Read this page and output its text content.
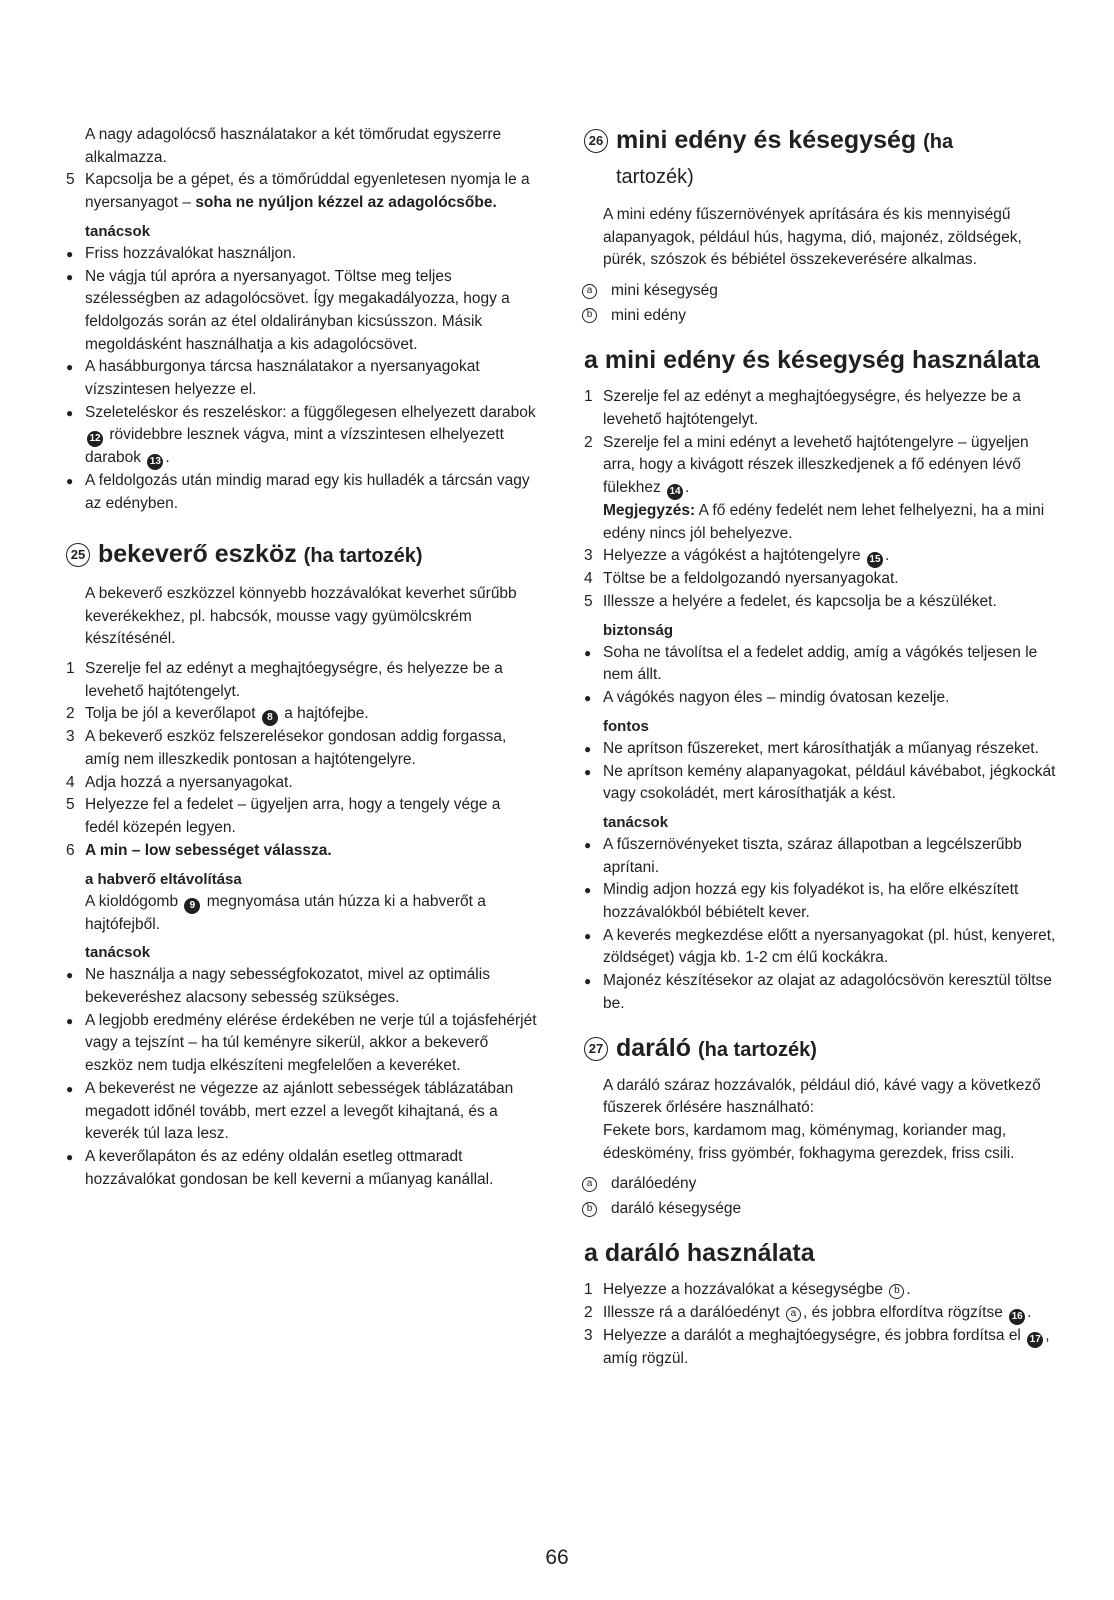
A nagy adagolócső használatakor a két tömőrudat egyszerre alkalmazza.

5 Kapcsolja be a gépet, és a tömőrúddal egyenletesen nyomja le a nyersanyagot – soha ne nyúljon kézzel az adagolócsőbe.
tanácsok
● Friss hozzávalókat használjon.
● Ne vágja túl apróra a nyersanyagot. Töltse meg teljes szélességben az adagolócsövet. Így megakadályozza, hogy a feldolgozás során az étel oldalirányban kicsússzon. Másik megoldásként használhatja a kis adagolócsövet.
● A hasábburgonya tárcsa használatakor a nyersanyagokat vízszintesen helyezze el.
● Szeleteléskor és reszeléskor: a függőlegesen elhelyezett darabok 12 rövidebbre lesznek vágva, mint a vízszintesen elhelyezett darabok 13 .
● A feldolgozás után mindig marad egy kis hulladék a tárcsán vagy az edényben.
25 bekeverő eszköz (ha tartozék)

A bekeverő eszközzel könnyebb hozzávalókat keverhet sűrűbb keverékekhez, pl. habcsók, mousse vagy gyümölcskrém készítésénél.

1 Szerelje fel az edényt a meghajtóegységre, és helyezze be a levehető hajtótengelyt.
2 Tolja be jól a keverőlapot 8 a hajtófejbe.
3 A bekeverő eszköz felszerelésekor gondosan addig forgassa, amíg nem illeszkedik pontosan a hajtótengelyre.
4 Adja hozzá a nyersanyagokat.
5 Helyezze fel a fedelet – ügyeljen arra, hogy a tengely vége a fedél közepén legyen.
6 A min – low sebességet válassza.
a habverő eltávolítása

A kioldógomb 9 megnyomása után húzza ki a habverőt a hajtófejből.

tanácsok
● Ne használja a nagy sebességfokozatot, mivel az optimális bekeveréshez alacsony sebesség szükséges.
● A legjobb eredmény elérése érdekében ne verje túl a tojásfehérjét vagy a tejszínt – ha túl keményre sikerül, akkor a bekeverő eszköz nem tudja elkészíteni megfelelően a keveréket.
● A bekeverést ne végezze az ajánlott sebességek táblázatában megadott időnél tovább, mert ezzel a levegőt kihajtaná, és a keverék túl laza lesz.
● A keverőlapáton és az edény oldalán esetleg ottmaradt hozzávalókat gondosan be kell keverni a műanyag kanállal.
26 mini edény és késegység (ha
tartozék)

A mini edény fűszernövények aprítására és kis mennyiségű alapanyagok, például hús, hagyma, dió, majonéz, zöldségek, pürék, szószok és bébiétel összekeverésére alkalmas.

a	mini késegység
b	mini edény
a mini edény és késegység használata
1 Szerelje fel az edényt a meghajtóegységre, és helyezze be a levehető hajtótengelyt.
2 Szerelje fel a mini edényt a levehető hajtótengelyre – ügyeljen arra, hogy a kivágott részek illeszkedjenek a fő edényen lévő fülekhez 14 .

Megjegyzés: A fő edény fedelét nem lehet felhelyezni, ha a mini edény nincs jól behelyezve.

3 Helyezze a vágókést a hajtótengelyre 15 .
4 Töltse be a feldolgozandó nyersanyagokat.
5 Illessze a helyére a fedelet, és kapcsolja be a készüléket.
biztonság
● Soha ne távolítsa el a fedelet addig, amíg a vágókés teljesen le nem állt.
● A vágókés nagyon éles – mindig óvatosan kezelje.
fontos
● Ne aprítson fűszereket, mert károsíthatják a műanyag részeket.
● Ne aprítson kemény alapanyagokat, például kávébabot, jégkockát vagy csokoládét, mert károsíthatják a kést.
tanácsok
● A fűszernövényeket tiszta, száraz állapotban a legcélszerűbb aprítani.
● Mindig adjon hozzá egy kis folyadékot is, ha előre elkészített hozzávalókból bébiételt kever.
● A keverés megkezdése előtt a nyersanyagokat (pl. húst, kenyeret, zöldséget) vágja kb. 1-2 cm élű kockákra.
● Majonéz készítésekor az olajat az adagolócsövön keresztül töltse be.
27 daráló (ha tartozék)

A daráló száraz hozzávalók, például dió, kávé vagy a következő fűszerek őrlésére használható:

Fekete bors, kardamom mag, köménymag, koriander mag, édeskömény, friss gyömbér, fokhagyma gerezdek, friss csili.

a	darálóedény
b	daráló késegysége
a daráló használata
1 Helyezze a hozzávalókat a késegységbe b .
2 Illessze rá a darálóedényt a , és jobbra elfordítva rögzítse 16 .
3 Helyezze a darálót a meghajtóegységre, és jobbra fordítsa el 17 , amíg rögzül.
66
